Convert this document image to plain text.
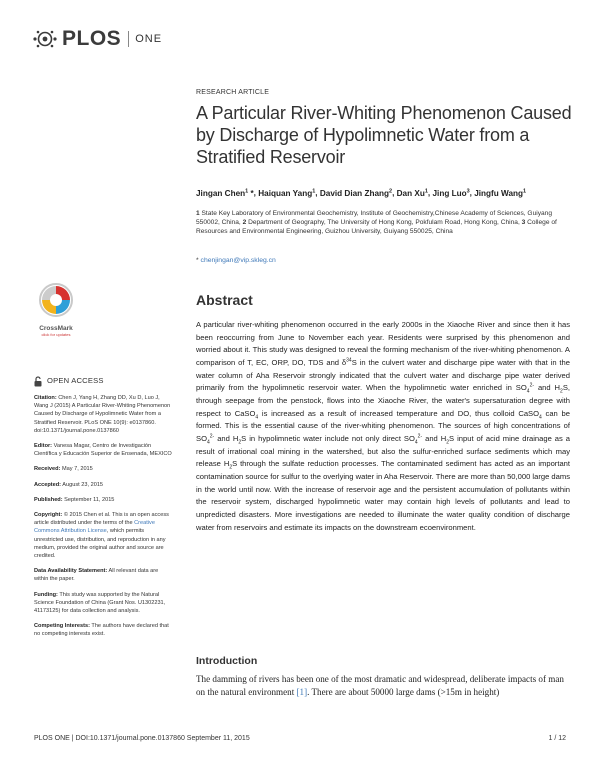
PLOS ONE
RESEARCH ARTICLE
A Particular River-Whiting Phenomenon Caused by Discharge of Hypolimnetic Water from a Stratified Reservoir
Jingan Chen$^1$ *, Haiquan Yang$^1$, David Dian Zhang$^2$, Dan Xu$^1$, Jing Luo$^3$, Jingfu Wang$^1$
1 State Key Laboratory of Environmental Geochemistry, Institute of Geochemistry,Chinese Academy of Sciences, Guiyang 550002, China, 2 Department of Geography, The University of Hong Kong, Pokfulam Road, Hong Kong, China, 3 College of Resources and Environmental Engineering, Guizhou University, Guiyang 550025, China
* chenjingan@vip.skleg.cn
CrossMark
click for updates
Abstract

A particular river-whiting phenomenon occurred in the early 2000s in the Xiaoche River and since then it has been reoccurring from June to November each year. Residents were surprised by this phenomenon and worried about it. This study was designed to reveal the forming mechanism of the river-whiting phenomenon. A comparison of T, EC, ORP, DO, TDS and $\delta^{34}S$ in the culvert water and discharge pipe water with that in the water column of Aha Reservoir strongly indicated that the culvert water and discharge pipe water derived primarily from the hypolimnetic reservoir water. When the hypolimnetic water enriched in $SO_4^{2-}$ and $H_2S$, through seepage from the penstock, flows into the Xiaoche River, the water's supersaturation degree with respect to CaSO$_4$ is increased as a result of increased temperature and DO, thus colloid CaSO$_4$ can be formed. This is the essential cause of the river-whiting phenomenon. The sources of high concentrations of $SO_4^{2-}$ and $H_2S$ in hypolimnetic water include not only direct $SO_4^{2-}$ and $H_2S$ input of acid mine drainage as a result of irrational coal mining in the watershed, but also the sulfur-enriched surface sediments which may release $H_2S$ through the sulfate reduction processes. The contaminated sediment has acted as an important contamination source for sulfur to the overlying water in Aha Reservoir. There are more than 50,000 large dams in the world until now. With the increase of reservoir age and the persistent accumulation of pollutants within the reservoir system, discharged hypolimnetic water may contain high levels of pollutants and lead to unpredicted disasters. More investigations are needed to illuminate the water quality condition of discharge water from reservoirs and estimate its impacts on the downstream ecoenvironment.

OPEN ACCESS
Citation: Chen J, Yang H, Zhang DD, Xu D, Luo J, Wang J (2015) A Particular River-Whiting Phenomenon Caused by Discharge of Hypolimnetic Water from a Stratified Reservoir. PLoS ONE 10(9): e0137860. doi:10.1371/journal.pone.0137860
Editor: Vanesa Magar, Centro de Investigación Científica y Educación Superior de Ensenada, MEXICO
Received: May 7, 2015
Accepted: August 23, 2015
Published: September 11, 2015
Copyright: © 2015 Chen et al. This is an open access article distributed under the terms of the Creative Commons Attribution License, which permits unrestricted use, distribution, and reproduction in any medium, provided the original author and source are credited.
Data Availability Statement: All relevant data are within the paper.
Funding: This study was supported by the Natural Science Foundation of China (Grant Nos. U1302231, 41173125) for data collection and analysis.
Competing Interests: The authors have declared that no competing interests exist.
Introduction

The damming of rivers has been one of the most dramatic and widespread, deliberate impacts of man on the natural environment [1]. There are about 50000 large dams (>15m in height)

PLOS ONE | DOI:10.1371/journal.pone.0137860 September 11, 2015	1 / 12
